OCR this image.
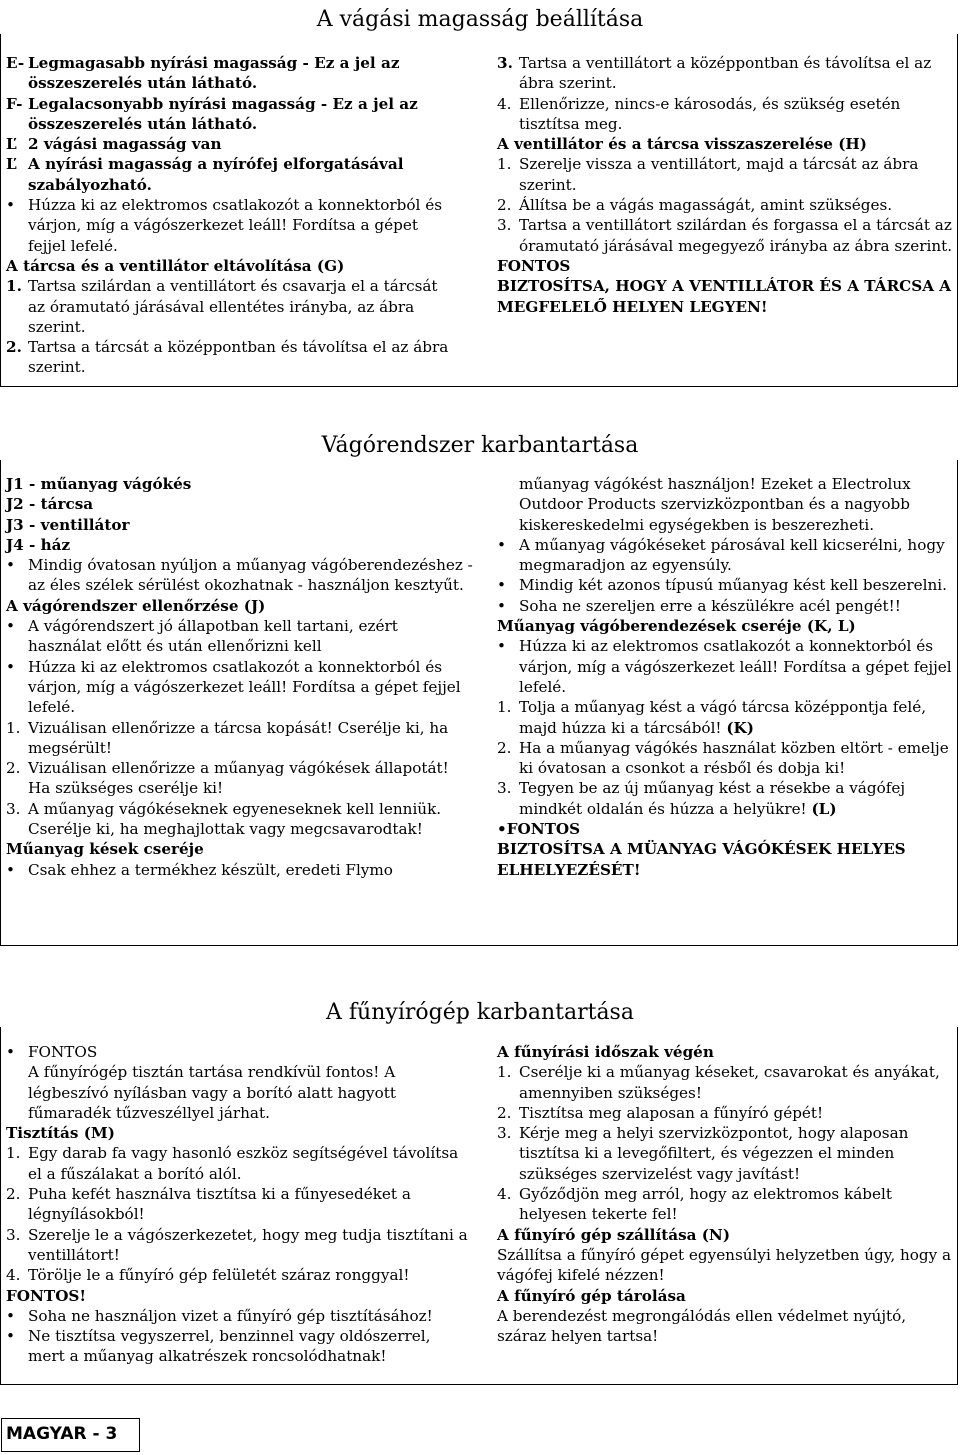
A vágási magasság beállítása
E- Legmagasabb nyírási magasság - Ez a jel az összeszerelés után látható.
F- Legalacsonyabb nyírási magasság - Ez a jel az összeszerelés után látható.
Ľ 2 vágási magasság van
Ľ A nyírási magasság a nyírófej elforgatásával szabályozható.
• Húzza ki az elektromos csatlakozót a konnektorból és várjon, míg a vágószerkezet leáll! Fordítsa a gépet fejjel lefelé.

A tárcsa és a ventillátor eltávolítása (G)

1. Tartsa szilárdan a ventillátort és csavarja el a tárcsát az óramutató járásával ellentétes irányba, az ábra szerint.
2. Tartsa a tárcsát a középpontban és távolítsa el az ábra szerint.
3. Tartsa a ventillátort a középpontban és távolítsa el az ábra szerint.
4. Ellenőrizze, nincs-e károsodás, és szükség esetén tisztítsa meg.

A ventillátor és a tárcsa visszaszerelése (H)

1. Szerelje vissza a ventillátort, majd a tárcsát az ábra szerint.
2. Állítsa be a vágás magasságát, amint szükséges.
3. Tartsa a ventillátort szilárdan és forgassa el a tárcsát az óramutató járásával megegyező irányba az ábra szerint.

FONTOS

BIZTOSÍTSA, HOGY A VENTILLÁTOR ÉS A TÁRCSA A MEGFELELŐ HELYEN LEGYEN!

Vágórendszer karbantartása

J1 - műanyag vágókés

J2 - tárcsa

J3 - ventillátor

J4 - ház

• Mindig óvatosan nyúljon a műanyag vágóberendezéshez - az éles szélek sérülést okozhatnak - használjon kesztyűt.

A vágórendszer ellenőrzése (J)

• A vágórendszert jó állapotban kell tartani, ezért használat előtt és után ellenőrizni kell
• Húzza ki az elektromos csatlakozót a konnektorból és várjon, míg a vágószerkezet leáll! Fordítsa a gépet fejjel lefelé.
1. Vizuálisan ellenőrizze a tárcsa kopását! Cserélje ki, ha megsérült!
2. Vizuálisan ellenőrizze a műanyag vágókések állapotát! Ha szükséges cserélje ki!
3. A műanyag vágókéseknek egyeneseknek kell lenniük. Cserélje ki, ha meghajlottak vagy megcsavarodtak!

Műanyag kések cseréje

• Csak ehhez a termékhez készült, eredeti Flymo

műanyag vágókést használjon! Ezeket a Electrolux Outdoor Products szervizközpontban és a nagyobb kiskereskedelmi egységekben is beszerezheti.

• A műanyag vágókéseket párosával kell kicserélni, hogy megmaradjon az egyensúly.
• Mindig két azonos típusú műanyag kést kell beszerelni.
• Soha ne szereljen erre a készülékre acél pengét!!

Műanyag vágóberendezések cseréje (K, L)

• Húzza ki az elektromos csatlakozót a konnektorból és várjon, míg a vágószerkezet leáll! Fordítsa a gépet fejjel lefelé.
1. Tolja a műanyag kést a vágó tárcsa középpontja felé, majd húzza ki a tárcsából! (K)
2. Ha a műanyag vágókés használat közben eltört - emelje ki óvatosan a csonkot a résből és dobja ki!
3. Tegyen be az új műanyag kést a résekbe a vágófej mindkét oldalán és húzza a helyükre! (L)

•FONTOS

BIZTOSÍTSA A MÜANYAG VÁGÓKÉSEK HELYES ELHELYEZÉSÉT!

A fűnyírógép karbantartása
• FONTOS

A fűnyírógép tisztán tartása rendkívül fontos! A légbeszívó nyílásban vagy a borító alatt hagyott fűmaradék tűzveszéllyel járhat.

Tisztítás (M)

1. Egy darab fa vagy hasonló eszköz segítségével távolítsa el a fűszálakat a borító alól.
2. Puha kefét használva tisztítsa ki a fűnyesedéket a légnyílásokból!
3. Szerelje le a vágószerkezetet, hogy meg tudja tisztítani a ventillátort!
4. Törölje le a fűnyíró gép felületét száraz ronggyal!

FONTOS!

• Soha ne használjon vizet a fűnyíró gép tisztításához!
• Ne tisztítsa vegyszerrel, benzinnel vagy oldószerrel, mert a műanyag alkatrészek roncsolódhatnak!

A fűnyírási időszak végén

1. Cserélje ki a műanyag késeket, csavarokat és anyákat, amennyiben szükséges!
2. Tisztítsa meg alaposan a fűnyíró gépét!
3. Kérje meg a helyi szervizközpontot, hogy alaposan tisztítsa ki a levegőfiltert, és végezzen el minden szükséges szervizelést vagy javítást!
4. Győződjön meg arról, hogy az elektromos kábelt helyesen tekerte fel!

A fűnyíró gép szállítása (N)

Szállítsa a fűnyíró gépet egyensúlyi helyzetben úgy, hogy a vágófej kifelé nézzen!

A fűnyíró gép tárolása

A berendezést megrongálódás ellen védelmet nyújtó, száraz helyen tartsa!

MAGYAR - 3
